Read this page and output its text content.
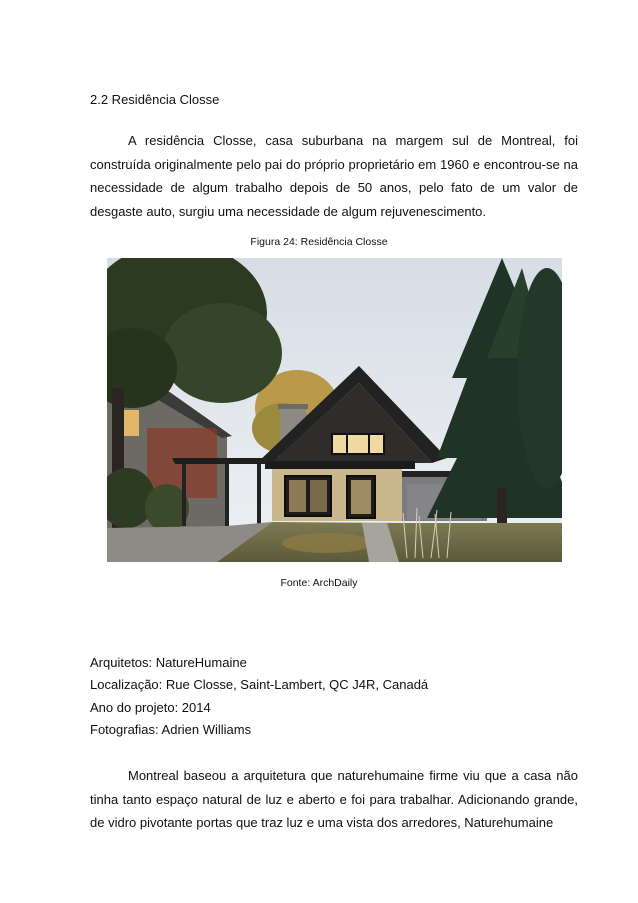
2.2 Residência Closse

A residência Closse, casa suburbana na margem sul de Montreal, foi construída originalmente pelo pai do próprio proprietário em 1960 e encontrou-se na necessidade de algum trabalho depois de 50 anos, pelo fato de um valor de desgaste auto, surgiu uma necessidade de algum rejuvenescimento.

Figura 24: Residência Closse
Fonte: ArchDaily
Arquitetos: NatureHumaine
Localização: Rue Closse, Saint-Lambert, QC J4R, Canadá
Ano do projeto: 2014
Fotografias: Adrien Williams

Montreal baseou a arquitetura que naturehumaine firme viu que a casa não tinha tanto espaço natural de luz e aberto e foi para trabalhar. Adicionando grande, de vidro pivotante portas que traz luz e uma vista dos arredores, Naturehumaine
